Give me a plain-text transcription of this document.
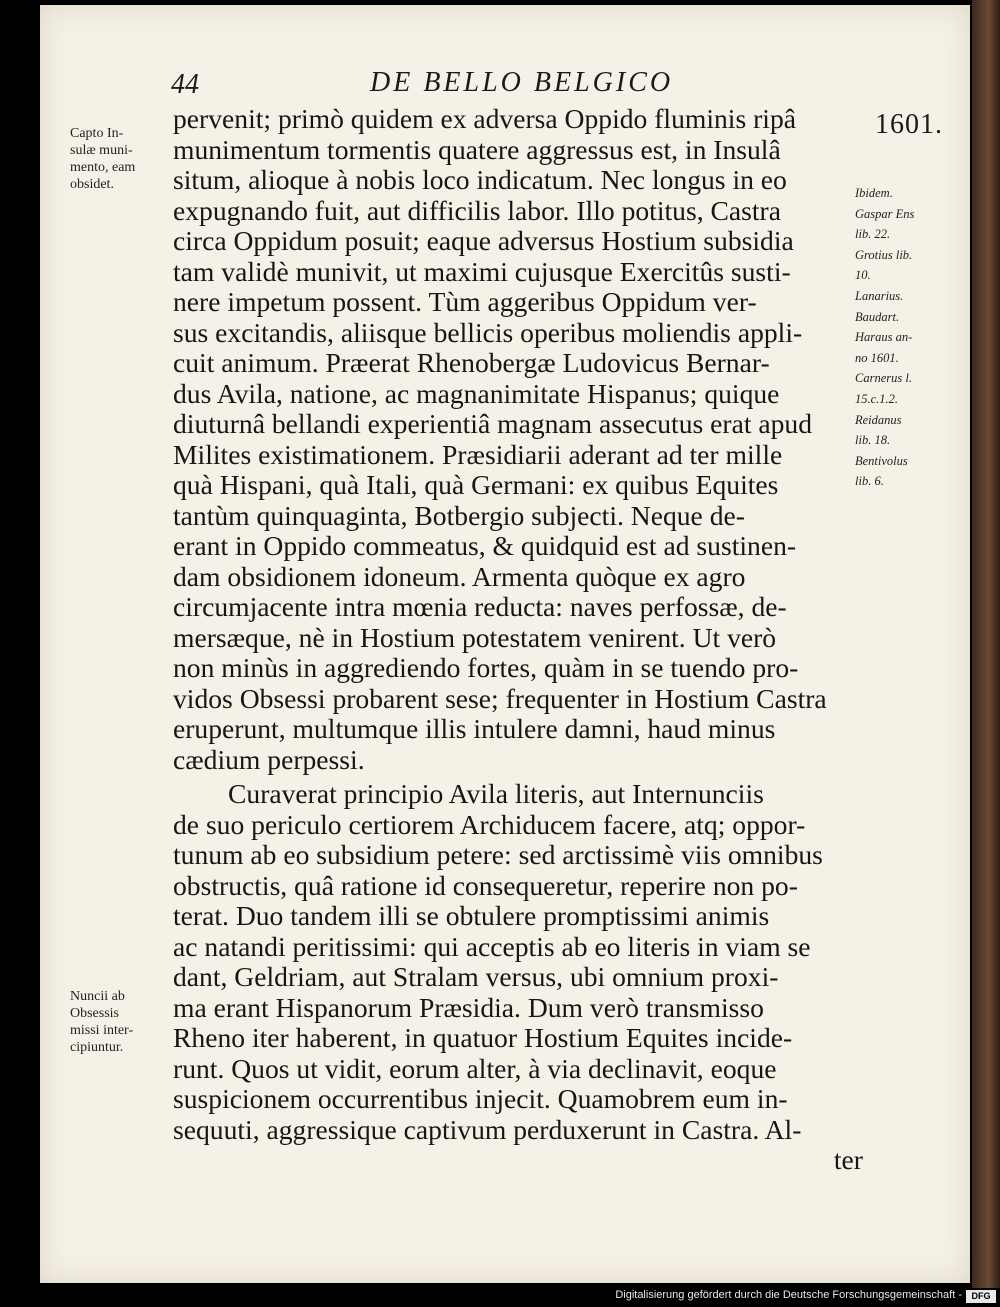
44	DE BELLO BELGICO
1601.
Capto In-
sulæ muni-
mento, eam
obsidet.
Nuncii ab
Obsessis
missi inter-
cipiuntur.
Ibidem.
Gaspar Ens
lib. 22.
Grotius lib.
10.
Lanarius.
Baudart.
Haraus an-
no 1601.
Carnerus l.
15.c.1.2.
Reidanus
lib. 18.
Bentivolus
lib. 6.
pervenit; primò quidem ex adversa Oppido fluminis ripâ
munimentum tormentis quatere aggressus est, in Insulâ
situm, alioque à nobis loco indicatum. Nec longus in eo
expugnando fuit, aut difficilis labor. Illo potitus, Castra
circa Oppidum posuit; eaque adversus Hostium subsidia
tam validè munivit, ut maximi cujusque Exercitûs susti-
nere impetum possent. Tùm aggeribus Oppidum ver-
sus excitandis, aliisque bellicis operibus moliendis appli-
cuit animum. Præerat Rhenobergæ Ludovicus Bernar-
dus Avila, natione, ac magnanimitate Hispanus; quique
diuturnâ bellandi experientiâ magnam assecutus erat apud
Milites existimationem. Præsidiarii aderant ad ter mille
quà Hispani, quà Itali, quà Germani: ex quibus Equites
tantùm quinquaginta, Botbergio subjecti. Neque de-
erant in Oppido commeatus, & quidquid est ad sustinen-
dam obsidionem idoneum. Armenta quòque ex agro
circumjacente intra mœnia reducta: naves perfossæ, de-
mersæque, nè in Hostium potestatem venirent. Ut verò
non minùs in aggrediendo fortes, quàm in se tuendo pro-
vidos Obsessi probarent sese; frequenter in Hostium Castra
eruperunt, multumque illis intulere damni, haud minus
cædium perpessi.
Curaverat principio Avila literis, aut Internunciis
de suo periculo certiorem Archiducem facere, atq; oppor-
tunum ab eo subsidium petere: sed arctissimè viis omnibus
obstructis, quâ ratione id consequeretur, reperire non po-
terat. Duo tandem illi se obtulere promptissimi animis
ac natandi peritissimi: qui acceptis ab eo literis in viam se
dant, Geldriam, aut Stralam versus, ubi omnium proxi-
ma erant Hispanorum Præsidia. Dum verò transmisso
Rheno iter haberent, in quatuor Hostium Equites incide-
runt. Quos ut vidit, eorum alter, à via declinavit, eoque
suspicionem occurrentibus injecit. Quamobrem eum in-
sequuti, aggressique captivum perduxerunt in Castra. Al-
ter
Digitalisierung gefördert durch die Deutsche Forschungsgemeinschaft -	DFG
